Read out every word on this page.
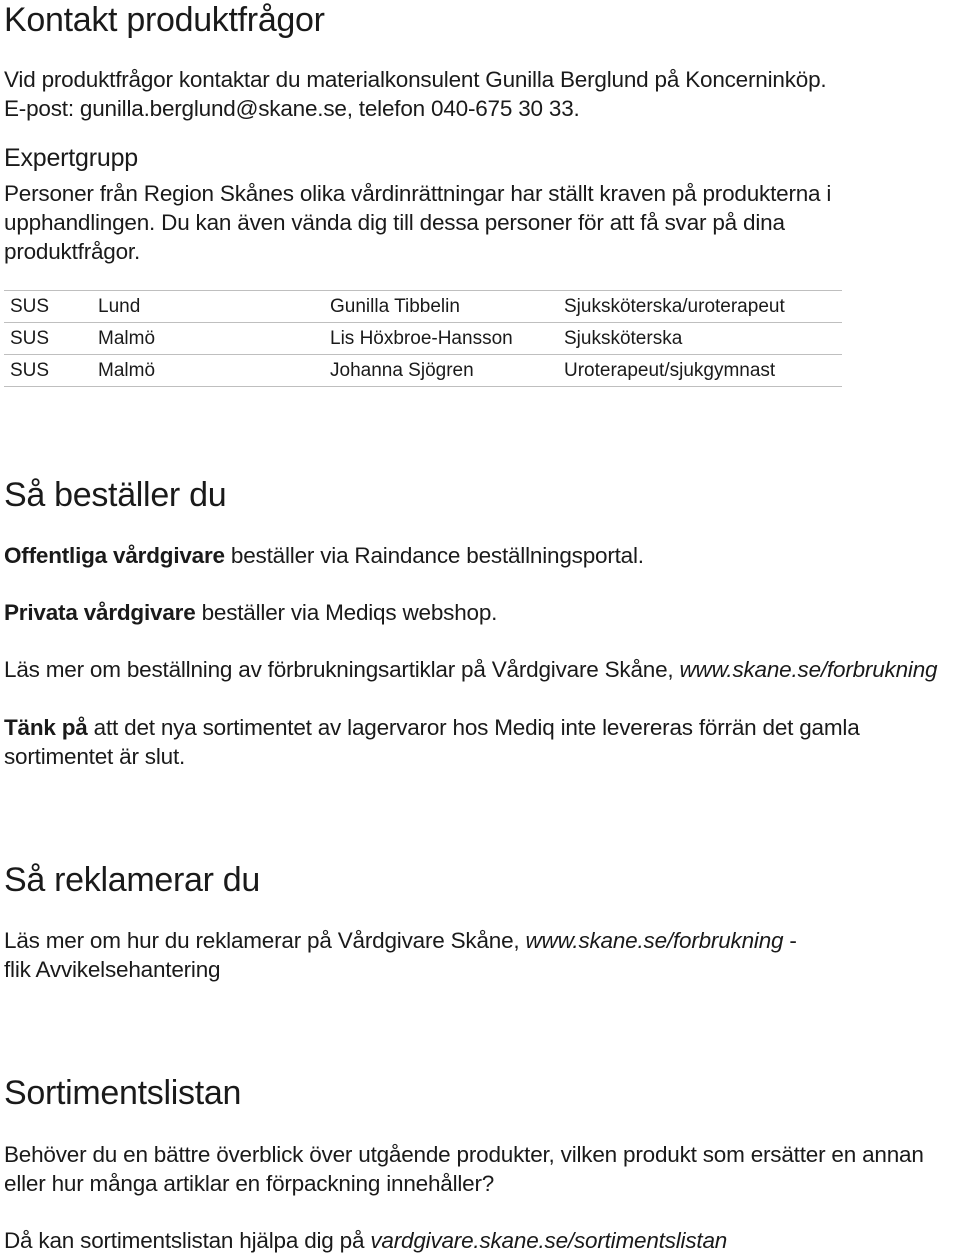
Kontakt produktfrågor

Vid produktfrågor kontaktar du materialkonsulent Gunilla Berglund på Koncerninköp.

E-post: gunilla.berglund@skane.se, telefon 040-675 30 33.

Expertgrupp

Personer från Region Skånes olika vårdinrättningar har ställt kraven på produkterna i

upphandlingen. Du kan även vända dig till dessa personer för att få svar på dina

produktfrågor.

SUS	Lund	Gunilla Tibbelin	Sjuksköterska/uroterapeut
SUS	Malmö	Lis Höxbroe-Hansson	Sjuksköterska
SUS	Malmö	Johanna Sjögren	Uroterapeut/sjukgymnast
Så beställer du

Offentliga vårdgivare beställer via Raindance beställningsportal.

Privata vårdgivare beställer via Mediqs webshop.

Läs mer om beställning av förbrukningsartiklar på Vårdgivare Skåne, www.skane.se/forbrukning

Tänk på att det nya sortimentet av lagervaror hos Mediq inte levereras förrän det gamla

sortimentet är slut.

Så reklamerar du

Läs mer om hur du reklamerar på Vårdgivare Skåne, www.skane.se/forbrukning -

flik Avvikelsehantering

Sortimentslistan

Behöver du en bättre överblick över utgående produkter, vilken produkt som ersätter en annan

eller hur många artiklar en förpackning innehåller?

Då kan sortimentslistan hjälpa dig på vardgivare.skane.se/sortimentslistan
